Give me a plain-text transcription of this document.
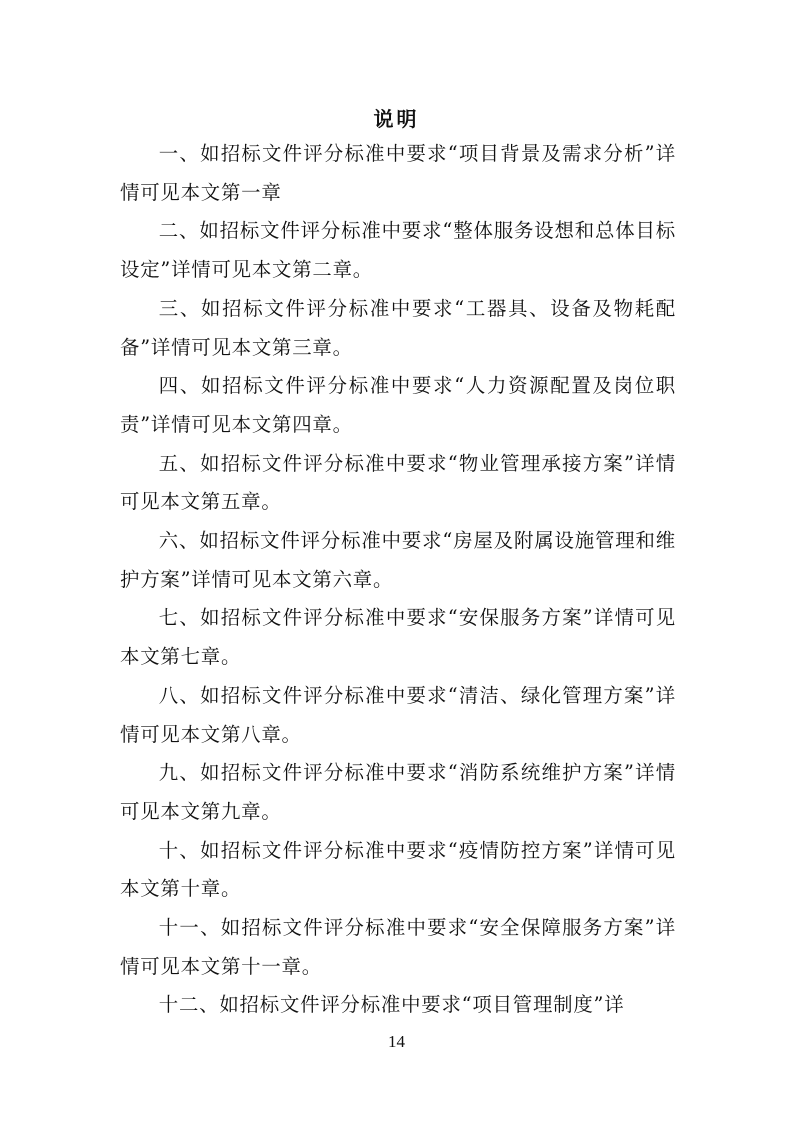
说明

一、如招标文件评分标准中要求“项目背景及需求分析”详情可见本文第一章

二、如招标文件评分标准中要求“整体服务设想和总体目标设定”详情可见本文第二章。

三、如招标文件评分标准中要求“工器具、设备及物耗配备”详情可见本文第三章。

四、如招标文件评分标准中要求“人力资源配置及岗位职责”详情可见本文第四章。

五、如招标文件评分标准中要求“物业管理承接方案”详情可见本文第五章。

六、如招标文件评分标准中要求“房屋及附属设施管理和维护方案”详情可见本文第六章。

七、如招标文件评分标准中要求“安保服务方案”详情可见本文第七章。

八、如招标文件评分标准中要求“清洁、绿化管理方案”详情可见本文第八章。

九、如招标文件评分标准中要求“消防系统维护方案”详情可见本文第九章。

十、如招标文件评分标准中要求“疫情防控方案”详情可见本文第十章。

十一、如招标文件评分标准中要求“安全保障服务方案”详情可见本文第十一章。

十二、如招标文件评分标准中要求“项目管理制度”详

14
